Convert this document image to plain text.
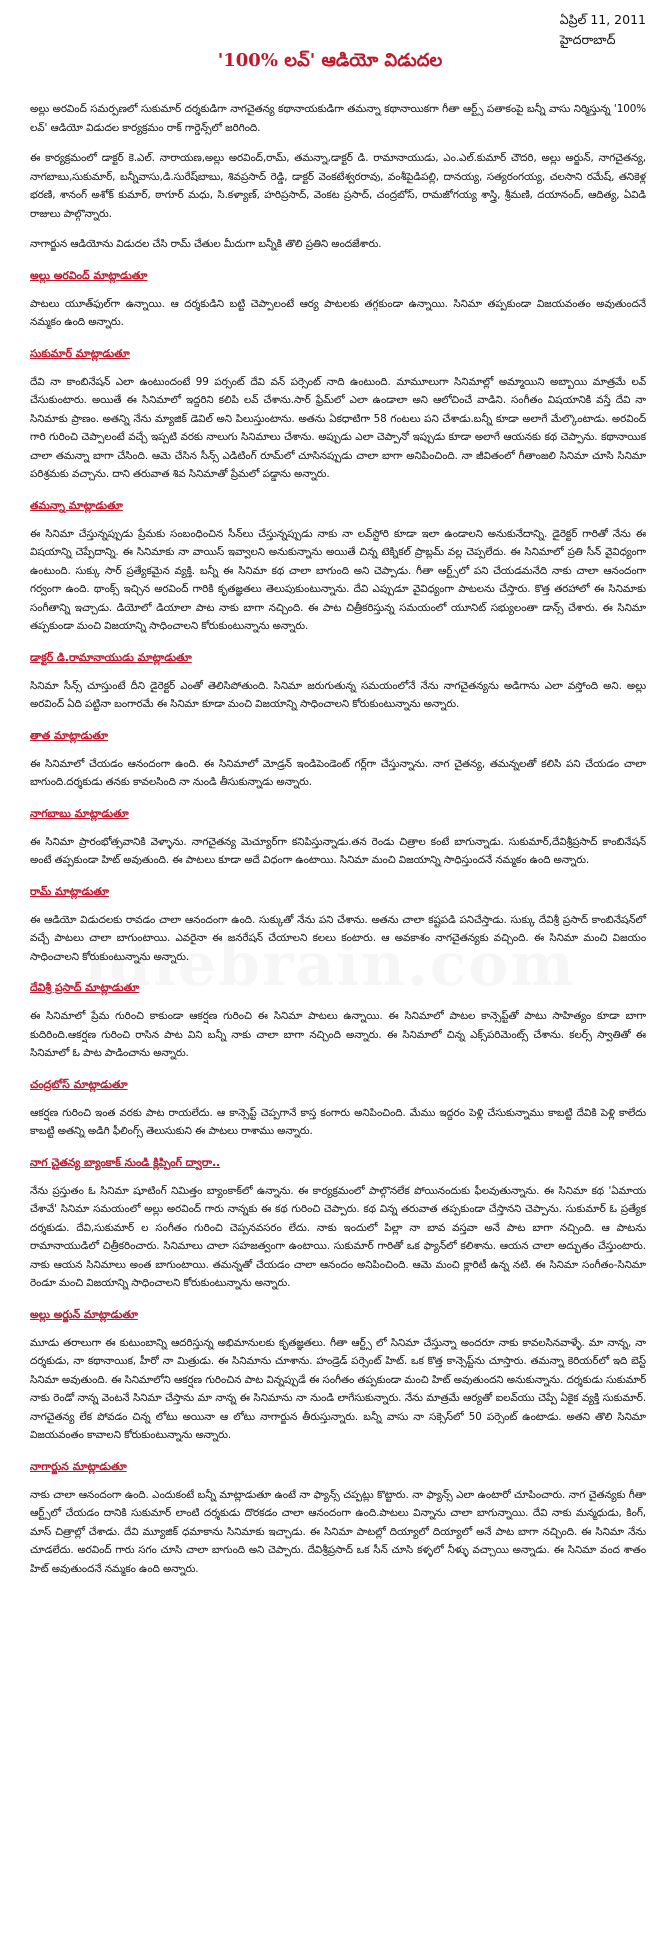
ఏప్రిల్ 11, 2011
హైదరాబాద్
'100% లవ్' ఆడియో విడుదల

అల్లు అరవింద్ సమర్పణలో సుకుమార్ దర్శకుడిగా నాగచైతన్య కథానాయకుడిగా తమన్నా కథానాయికగా గీతా ఆర్ట్స్ పతాకంపై బన్నీ వాసు నిర్మిస్తున్న '100% లవ్' ఆడియో విడుదల కార్యక్రమం రాక్ గార్డెన్స్‌లో జరిగింది.

ఈ కార్యక్రమంలో డాక్టర్ కె.ఎల్. నారాయణ,అల్లు అరవింద్,రామ్, తమన్నా,డాక్టర్ డి. రామానాయుడు, ఎం.ఎల్.కుమార్ చౌదరి, అల్లు అర్జున్, నాగచైతన్య, నాగబాబు,సుకుమార్, బన్నీవాసు,డి.సురేష్‌బాబు, శివప్రసాద్ రెడ్డి, డాక్టర్ వెంకటేశ్వరరావు, వంశీపైడిపల్లి, దానయ్య, సత్యరంగయ్య, చలసాని రమేష్, తనికెళ్ల భరణి, శానంగ్ అశోక్ కుమార్, ఠాగూర్ మధు, సి.కళ్యాణ్, హరిప్రసాద్, వెంకట ప్రసాద్, చంద్రబోస్, రామజోగయ్య శాస్త్రి, శ్రీమణి, దయానంద్, ఆదిత్య, ఏవిడి రాజులు పాల్గొన్నారు.

నాగార్జున ఆడియోను విడుదల చేసి రామ్ చేతుల మీదుగా బన్నీకి తొలి ప్రతిని అందజేశారు.

అల్లు అరవింద్ మాట్లాడుతూ

పాటలు యూత్‌ఫుల్‌గా ఉన్నాయి. ఆ దర్శకుడిని బట్టి చెప్పాలంటే ఆర్య పాటలకు తగ్గకుండా ఉన్నాయి. సినిమా తప్పకుండా విజయవంతం అవుతుందనే నమ్మకం ఉంది అన్నారు.

సుకుమార్ మాట్లాడుతూ

దేవి నా కాంబినేషన్ ఎలా ఉంటుందంటే 99 పర్సంట్ దేవి వన్ పర్సెంట్ నాది ఉంటుంది. మామూలుగా సినిమాల్లో అమ్మాయిని అబ్బాయి మాత్రమే లవ్ చేసుకుంటారు. అయితే ఈ సినిమాలో ఇద్దరిని కలిపి లవ్ చేశాను.సార్ ఫ్రేమ్‌లో ఎలా ఉండాలా అని ఆలోచించే వాడిని. సంగీతం విషయానికి వస్తే దేవి నా సినిమాకు ప్రాణం. అతన్ని నేను మ్యాజిక్ డెవిల్ అని పిలుస్తుంటాను. అతను ఏకధాటిగా 58 గంటలు పని చేశాడు.బన్నీ కూడా అలాగే మేల్కొంటాడు. అరవింద్ గారి గురించి చెప్పాలంటే వచ్చే ఇప్పటి వరకు నాలుగు సినిమాలు చేశాను. అప్పుడు ఎలా చెప్పానో ఇప్పుడు కూడా అలాగే ఆయనకు కథ చెప్పాను. కథానాయిక చాలా తమన్నా బాగా చేసింది. ఆమె చేసిన సీన్స్ ఎడిటింగ్ రూమ్‌లో చూసినప్పుడు చాలా బాగా అనిపించింది. నా జీవితంలో గీతాంజలి సినిమా చూసి సినిమా పరిశ్రమకు వచ్చాను. దాని తరువాత శివ సినిమాతో ప్రేమలో పడ్డాను అన్నారు.

తమన్నా మాట్లాడుతూ

ఈ సినిమా చేస్తున్నప్పుడు ప్రేమకు సంబంధించిన సీన్‌లు చేస్తున్నప్పుడు నాకు నా లవ్‌స్టోరి కూడా ఇలా ఉండాలని అనుకునేదాన్ని. డైరెక్టర్ గారితో నేను ఈ విషయాన్ని చెప్పేదాన్ని. ఈ సినిమాకు నా వాయిస్ ఇవ్వాలని అనుకున్నాను అయితే చిన్న టెక్నికల్ ప్రాబ్లమ్ వల్ల చెప్పలేదు. ఈ సినిమాలో ప్రతి సీన్ వైవిధ్యంగా ఉంటుంది. సుక్కు సార్ ప్రత్యేకమైన వ్యక్తి. బన్నీ ఈ సినిమా కథ చాలా బాగుంది అని చెప్పాడు. గీతా ఆర్ట్స్‌లో పని చేయడమనేది నాకు చాలా ఆనందంగా గర్వంగా ఉంది. థాంక్స్ ఇచ్చిన అరవింద్ గారికి కృతజ్ఞతలు తెలుపుకుంటున్నాను. దేవి ఎప్పుడూ వైవిధ్యంగా పాటలను చేస్తారు. కొత్త తరహాలో ఈ సినిమాకు సంగీతాన్ని ఇచ్చాడు. డియోలో డియాలా పాట నాకు బాగా నచ్చింది. ఈ పాట చిత్రీకరిస్తున్న సమయంలో యూనిట్ సభ్యులంతా డాన్స్ చేశారు. ఈ సినిమా తప్పకుండా మంచి విజయాన్ని సాధించాలని కోరుకుంటున్నాను అన్నారు.

డాక్టర్ డి.రామానాయుడు మాట్లాడుతూ

సినిమా సీన్స్ చూస్తుంటే దీని డైరెక్టర్ ఎంతో తెలిసిపోతుంది. సినిమా జరుగుతున్న సమయంలోనే నేను నాగచైతన్యను అడిగాను ఎలా వస్తోంది అని. అల్లు అరవింద్ ఏది పట్టినా బంగారమే ఈ సినిమా కూడా మంచి విజయాన్ని సాధించాలని కోరుకుంటున్నాను అన్నారు.

తాత మాట్లాడుతూ

ఈ సినిమాలో చేయడం ఆనందంగా ఉంది. ఈ సినిమాలో మోడ్రన్ ఇండిపెండెంట్ గర్ల్‌గా చేస్తున్నాను. నాగ చైతన్య, తమన్నలతో కలిసి పని చేయడం చాలా బాగుంది.దర్శకుడు తనకు కావలసింది నా నుండి తీసుకున్నాడు అన్నారు.

నాగబాబు మాట్లాడుతూ

ఈ సినిమా ప్రారంభోత్సవానికి వెళ్ళాను. నాగచైతన్య మెచ్యూర్‌గా కనిపిస్తున్నాడు.తన రెండు చిత్రాల కంటే బాగున్నాడు. సుకుమార్,దేవిశ్రీప్రసాద్ కాంబినేషన్ అంటే తప్పకుండా హిట్ అవుతుంది. ఈ పాటలు కూడా అదే విధంగా ఉంటాయి. సినిమా మంచి విజయాన్ని సాధిస్తుందనే నమ్మకం ఉంది అన్నారు.

రామ్ మాట్లాడుతూ

ఈ ఆడియో విడుదలకు రావడం చాలా ఆనందంగా ఉంది. సుక్కుతో నేను పని చేశాను. అతను చాలా కష్టపడి పనిచేస్తాడు. సుక్కు దేవిశ్రీ ప్రసాద్ కాంబినేషన్‌లో వచ్చే పాటలు చాలా బాగుంటాయి. ఎవరైనా ఈ జనరేషన్ చేయాలని కలలు కంటారు. ఆ అవకాశం నాగచైతన్యకు వచ్చింది. ఈ సినిమా మంచి విజయం సాధించాలని కోరుకుంటున్నాను అన్నారు.

దేవిశ్రీ ప్రసాద్ మాట్లాడుతూ

ఈ సినిమాలో ప్రేమ గురించి కాకుండా ఆకర్షణ గురించి ఈ సినిమా పాటలు ఉన్నాయి. ఈ సినిమాలో పాటల కాన్సెప్ట్‌తో పాటు సాహిత్యం కూడా బాగా కుదిరింది.ఆకర్షణ గురించి రాసిన పాట విని బన్నీ నాకు చాలా బాగా నచ్చింది అన్నారు. ఈ సినిమాలో చిన్న ఎక్స్‌పరిమెంట్స్ చేశాను. కలర్స్ స్వాతితో ఈ సినిమాలో ఓ పాట పాడించాను అన్నారు.

చంద్రబోస్ మాట్లాడుతూ

ఆకర్షణ గురించి ఇంత వరకు పాట రాయలేదు. ఆ కాన్సెప్ట్ చెప్పగానే కాస్త కంగారు అనిపించింది. మేము ఇద్దరం పెళ్లి చేసుకున్నాము కాబట్టి దేవికి పెళ్లి కాలేదు కాబట్టి అతన్ని అడిగి ఫీలింగ్స్ తెలుసుకుని ఈ పాటలు రాశాము అన్నారు.

నాగ చైతన్య బ్యాంకాక్ నుండి క్లిప్పింగ్ ద్వారా..

నేను ప్రస్తుతం ఓ సినిమా షూటింగ్ నిమిత్తం బ్యాంకాక్‌లో ఉన్నాను. ఈ కార్యక్రమంలో పాల్గొనలేక పోయినందుకు ఫీలవుతున్నాను. ఈ సినిమా కథ 'ఏమాయ చేశావే' సినిమా సమయంలో అల్లు అరవింద్ గారు నాన్నకు ఈ కథ గురించి చెప్పారు. కథ విన్న తరువాత తప్పకుండా చేస్తానని చెప్పాను. సుకుమార్ ఓ ప్రత్యేక దర్శకుడు. దేవి,సుకుమార్ ల సంగీతం గురించి చెప్పనవసరం లేదు. నాకు ఇందులో పిల్లా నా బావ వస్తవా అనే పాట బాగా నచ్చింది. ఆ పాటను రామానాయుడిలో చిత్రీకరించారు. సినిమాలు చాలా సహజత్వంగా ఉంటాయి. సుకుమార్ గారితో ఒక ఫ్యాన్‌లో కలిశాను. ఆయన చాలా అద్భుతం చేస్తుంటారు. నాకు ఆయన సినిమాలు అంత బాగుంటాయి. తమన్నతో చేయడం చాలా ఆనందం అనిపించింది. ఆమె మంచి క్లారిటీ ఉన్న నటి. ఈ సినిమా సంగీతం-సినిమా రెండూ మంచి విజయాన్ని సాధించాలని కోరుకుంటున్నాను అన్నారు.

అల్లు అర్జున్ మాట్లాడుతూ

మూడు తరాలుగా ఈ కుటుంబాన్ని ఆదరిస్తున్న అభిమానులకు కృతజ్ఞతలు. గీతా ఆర్ట్స్ లో సినిమా చేస్తున్నా అందరూ నాకు కావలసినవాళ్ళే. మా నాన్న, నా దర్శకుడు, నా కథానాయిక, హీరో నా మిత్రుడు. ఈ సినిమాను చూశాను. హండ్రెడ్ పర్సెంట్ హిట్. ఒక కొత్త కాన్సెప్ట్‌ను చూస్తారు. తమన్నా కెరియర్‌లో ఇది బెస్ట్ సినిమా అవుతుంది. ఈ సినిమాలోని ఆకర్షణ గురించిన పాట విన్నప్పుడే ఈ సంగీతం తప్పకుండా మంచి హిట్ అవుతుందని అనుకున్నాను. దర్శకుడు సుకుమార్ నాకు రెండో నాన్న వెంటనే సినిమా చేస్తాను మా నాన్న ఈ సినిమాను నా నుండి లాగేసుకున్నారు. నేను మాత్రమే ఆర్యతో ఐలవ్‌యు చెప్పే ఏకైక వ్యక్తి సుకుమార్. నాగచైతన్య లేక పోవడం చిన్న లోటు అయినా ఆ లోటు నాగార్జున తీరుస్తున్నారు. బన్నీ వాసు నా సక్సెస్‌లో 50 పర్సెంట్ ఉంటాడు. అతని తొలి సినిమా విజయవంతం కావాలని కోరుకుంటున్నాను అన్నారు.

నాగార్జున మాట్లాడుతూ

నాకు చాలా ఆనందంగా ఉంది. ఎందుకంటే బన్నీ మాట్లాడుతూ ఉంటే నా ఫ్యాన్స్ చప్పట్లు కొట్టారు. నా ఫ్యాన్స్ ఎలా ఉంటారో చూపించారు. నాగ చైతన్యకు గీతా ఆర్ట్స్‌లో చేయడం దానికి సుకుమార్ లాంటి దర్శకుడు దొరకడం చాలా ఆనందంగా ఉంది.పాటలు విన్నాను చాలా బాగున్నాయి. దేవి నాకు మన్మధుడు, కింగ్, మాస్ చిత్రాల్లో చేశాడు. దేవి మ్యూజిక్ ధమాకాను సినిమాకు ఇచ్చాడు. ఈ సినిమా పాటల్లో దియ్యాలో దియ్యాలో అనే పాట బాగా నచ్చింది. ఈ సినిమా నేను చూడలేదు. అరవింద్ గారు సగం చూసి చాలా బాగుంది అని చెప్పారు. దేవిశ్రీప్రసాద్ ఒక సీన్ చూసి కళ్ళలో నీళ్ళు వచ్చాయి అన్నాడు. ఈ సినిమా వంద శాతం హిట్ అవుతుందనే నమ్మకం ఉంది అన్నారు.
